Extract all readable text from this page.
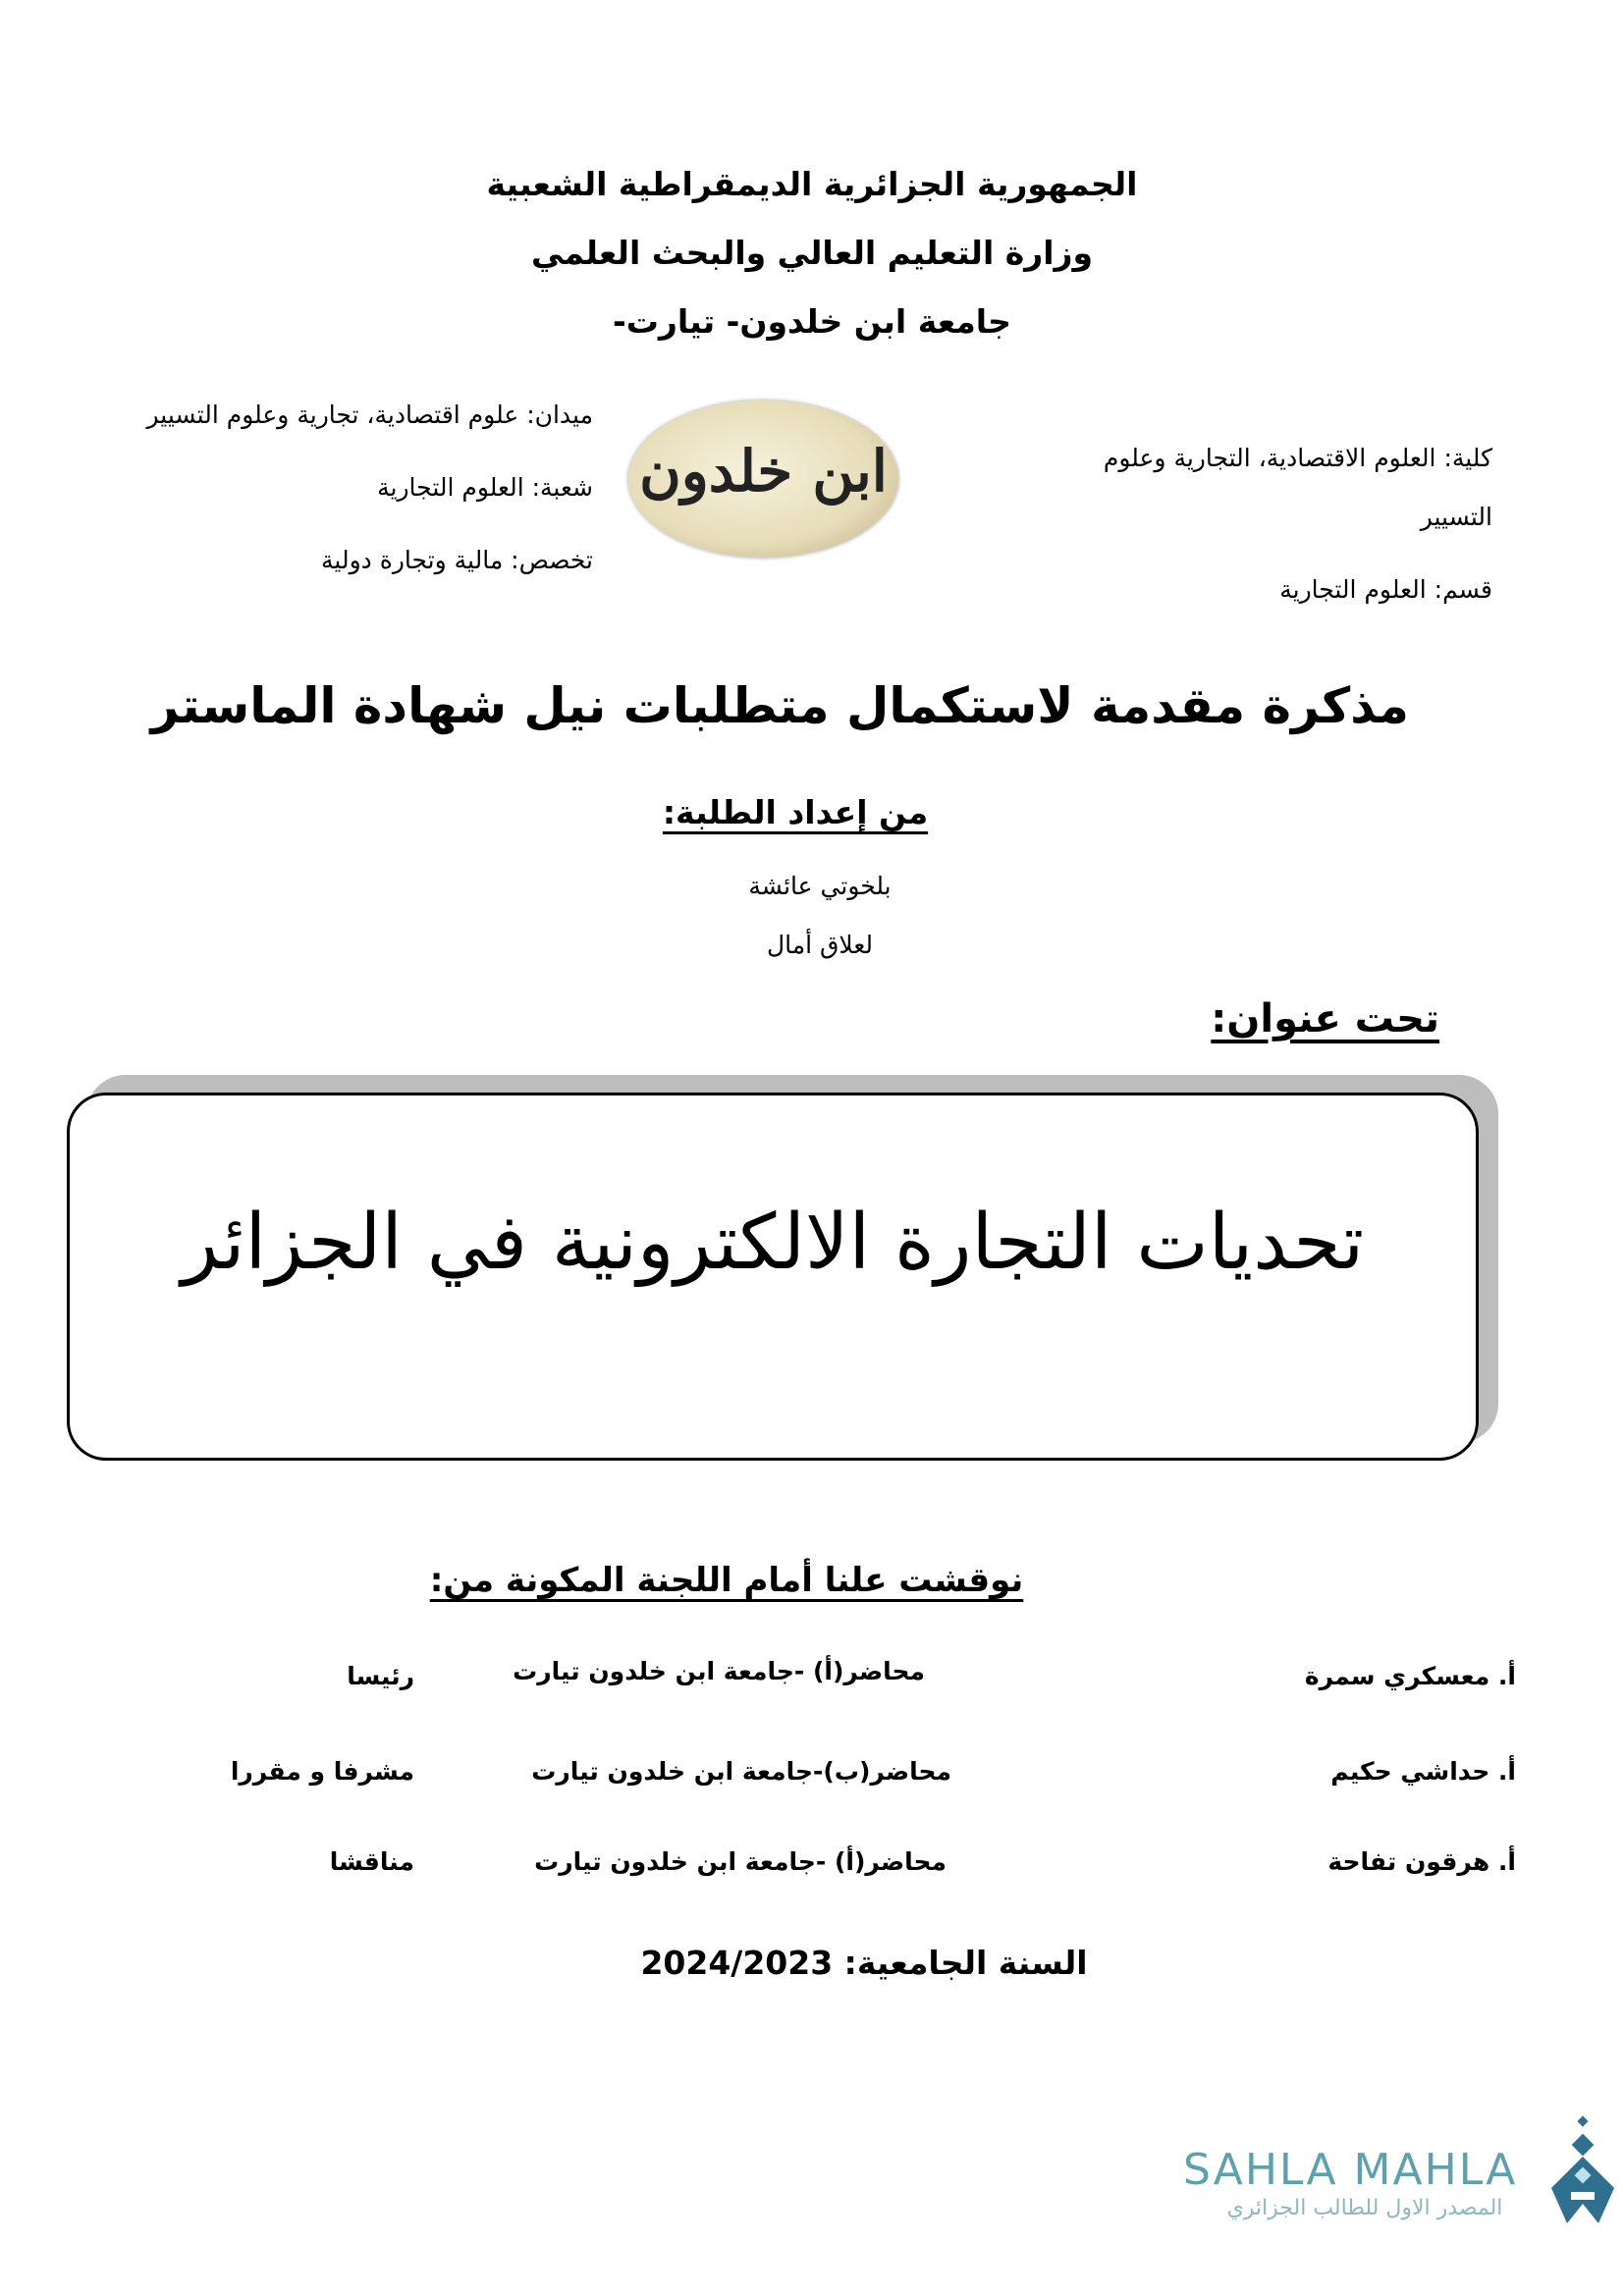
الجمهورية الجزائرية الديمقراطية الشعبية
وزارة التعليم العالي والبحث العلمي
جامعة ابن خلدون- تيارت-
ميدان: علوم اقتصادية، تجارية وعلوم التسيير
شعبة: العلوم التجارية
تخصص: مالية وتجارة دولية
ابن خلدون	كلية: العلوم الاقتصادية، التجارية وعلوم
التسيير
قسم: العلوم التجارية
مذكرة مقدمة لاستكمال متطلبات نيل شهادة الماستر
من إعداد الطلبة:
بلخوتي عائشة
لعلاق أمال
تحت عنوان:
تحديات التجارة الالكترونية في الجزائر
نوقشت علنا أمام اللجنة المكونة من:
أ. معسكري سمرة
محاضر(أ) -جامعة ابن خلدون تيارت
رئيسا
أ. حداشي حكيم
محاضر(ب)-جامعة ابن خلدون تيارت
مشرفا و مقررا
أ. هرقون تفاحة
محاضر(أ) -جامعة ابن خلدون تيارت
مناقشا
السنة الجامعية: 2024/2023
SAHLA MAHLA
المصدر الاول للطالب الجزائري
